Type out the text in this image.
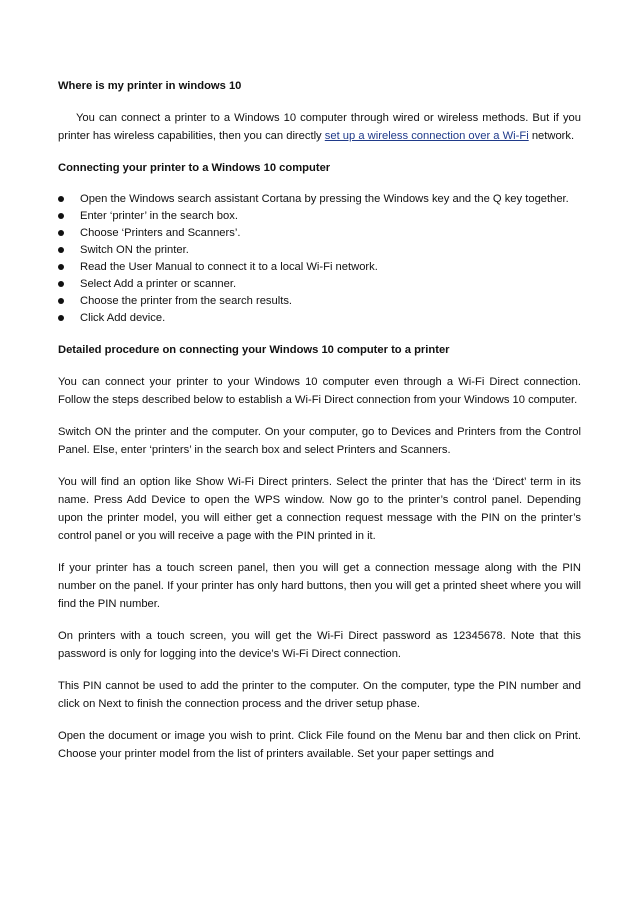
Where is my printer in windows 10

You can connect a printer to a Windows 10 computer through wired or wireless methods. But if you printer has wireless capabilities, then you can directly set up a wireless connection over a Wi-Fi network.

Connecting your printer to a Windows 10 computer
Open the Windows search assistant Cortana by pressing the Windows key and the Q key together.
Enter ‘printer’ in the search box.
Choose ‘Printers and Scanners’.
Switch ON the printer.
Read the User Manual to connect it to a local Wi-Fi network.
Select Add a printer or scanner.
Choose the printer from the search results.
Click Add device.
Detailed procedure on connecting your Windows 10 computer to a printer

You can connect your printer to your Windows 10 computer even through a Wi-Fi Direct connection. Follow the steps described below to establish a Wi-Fi Direct connection from your Windows 10 computer.

Switch ON the printer and the computer. On your computer, go to Devices and Printers from the Control Panel. Else, enter ‘printers’ in the search box and select Printers and Scanners.

You will find an option like Show Wi-Fi Direct printers. Select the printer that has the ‘Direct’ term in its name. Press Add Device to open the WPS window. Now go to the printer’s control panel. Depending upon the printer model, you will either get a connection request message with the PIN on the printer’s control panel or you will receive a page with the PIN printed in it.

If your printer has a touch screen panel, then you will get a connection message along with the PIN number on the panel. If your printer has only hard buttons, then you will get a printed sheet where you will find the PIN number.

On printers with a touch screen, you will get the Wi-Fi Direct password as 12345678. Note that this password is only for logging into the device’s Wi-Fi Direct connection.

This PIN cannot be used to add the printer to the computer. On the computer, type the PIN number and click on Next to finish the connection process and the driver setup phase.

Open the document or image you wish to print. Click File found on the Menu bar and then click on Print. Choose your printer model from the list of printers available. Set your paper settings and
